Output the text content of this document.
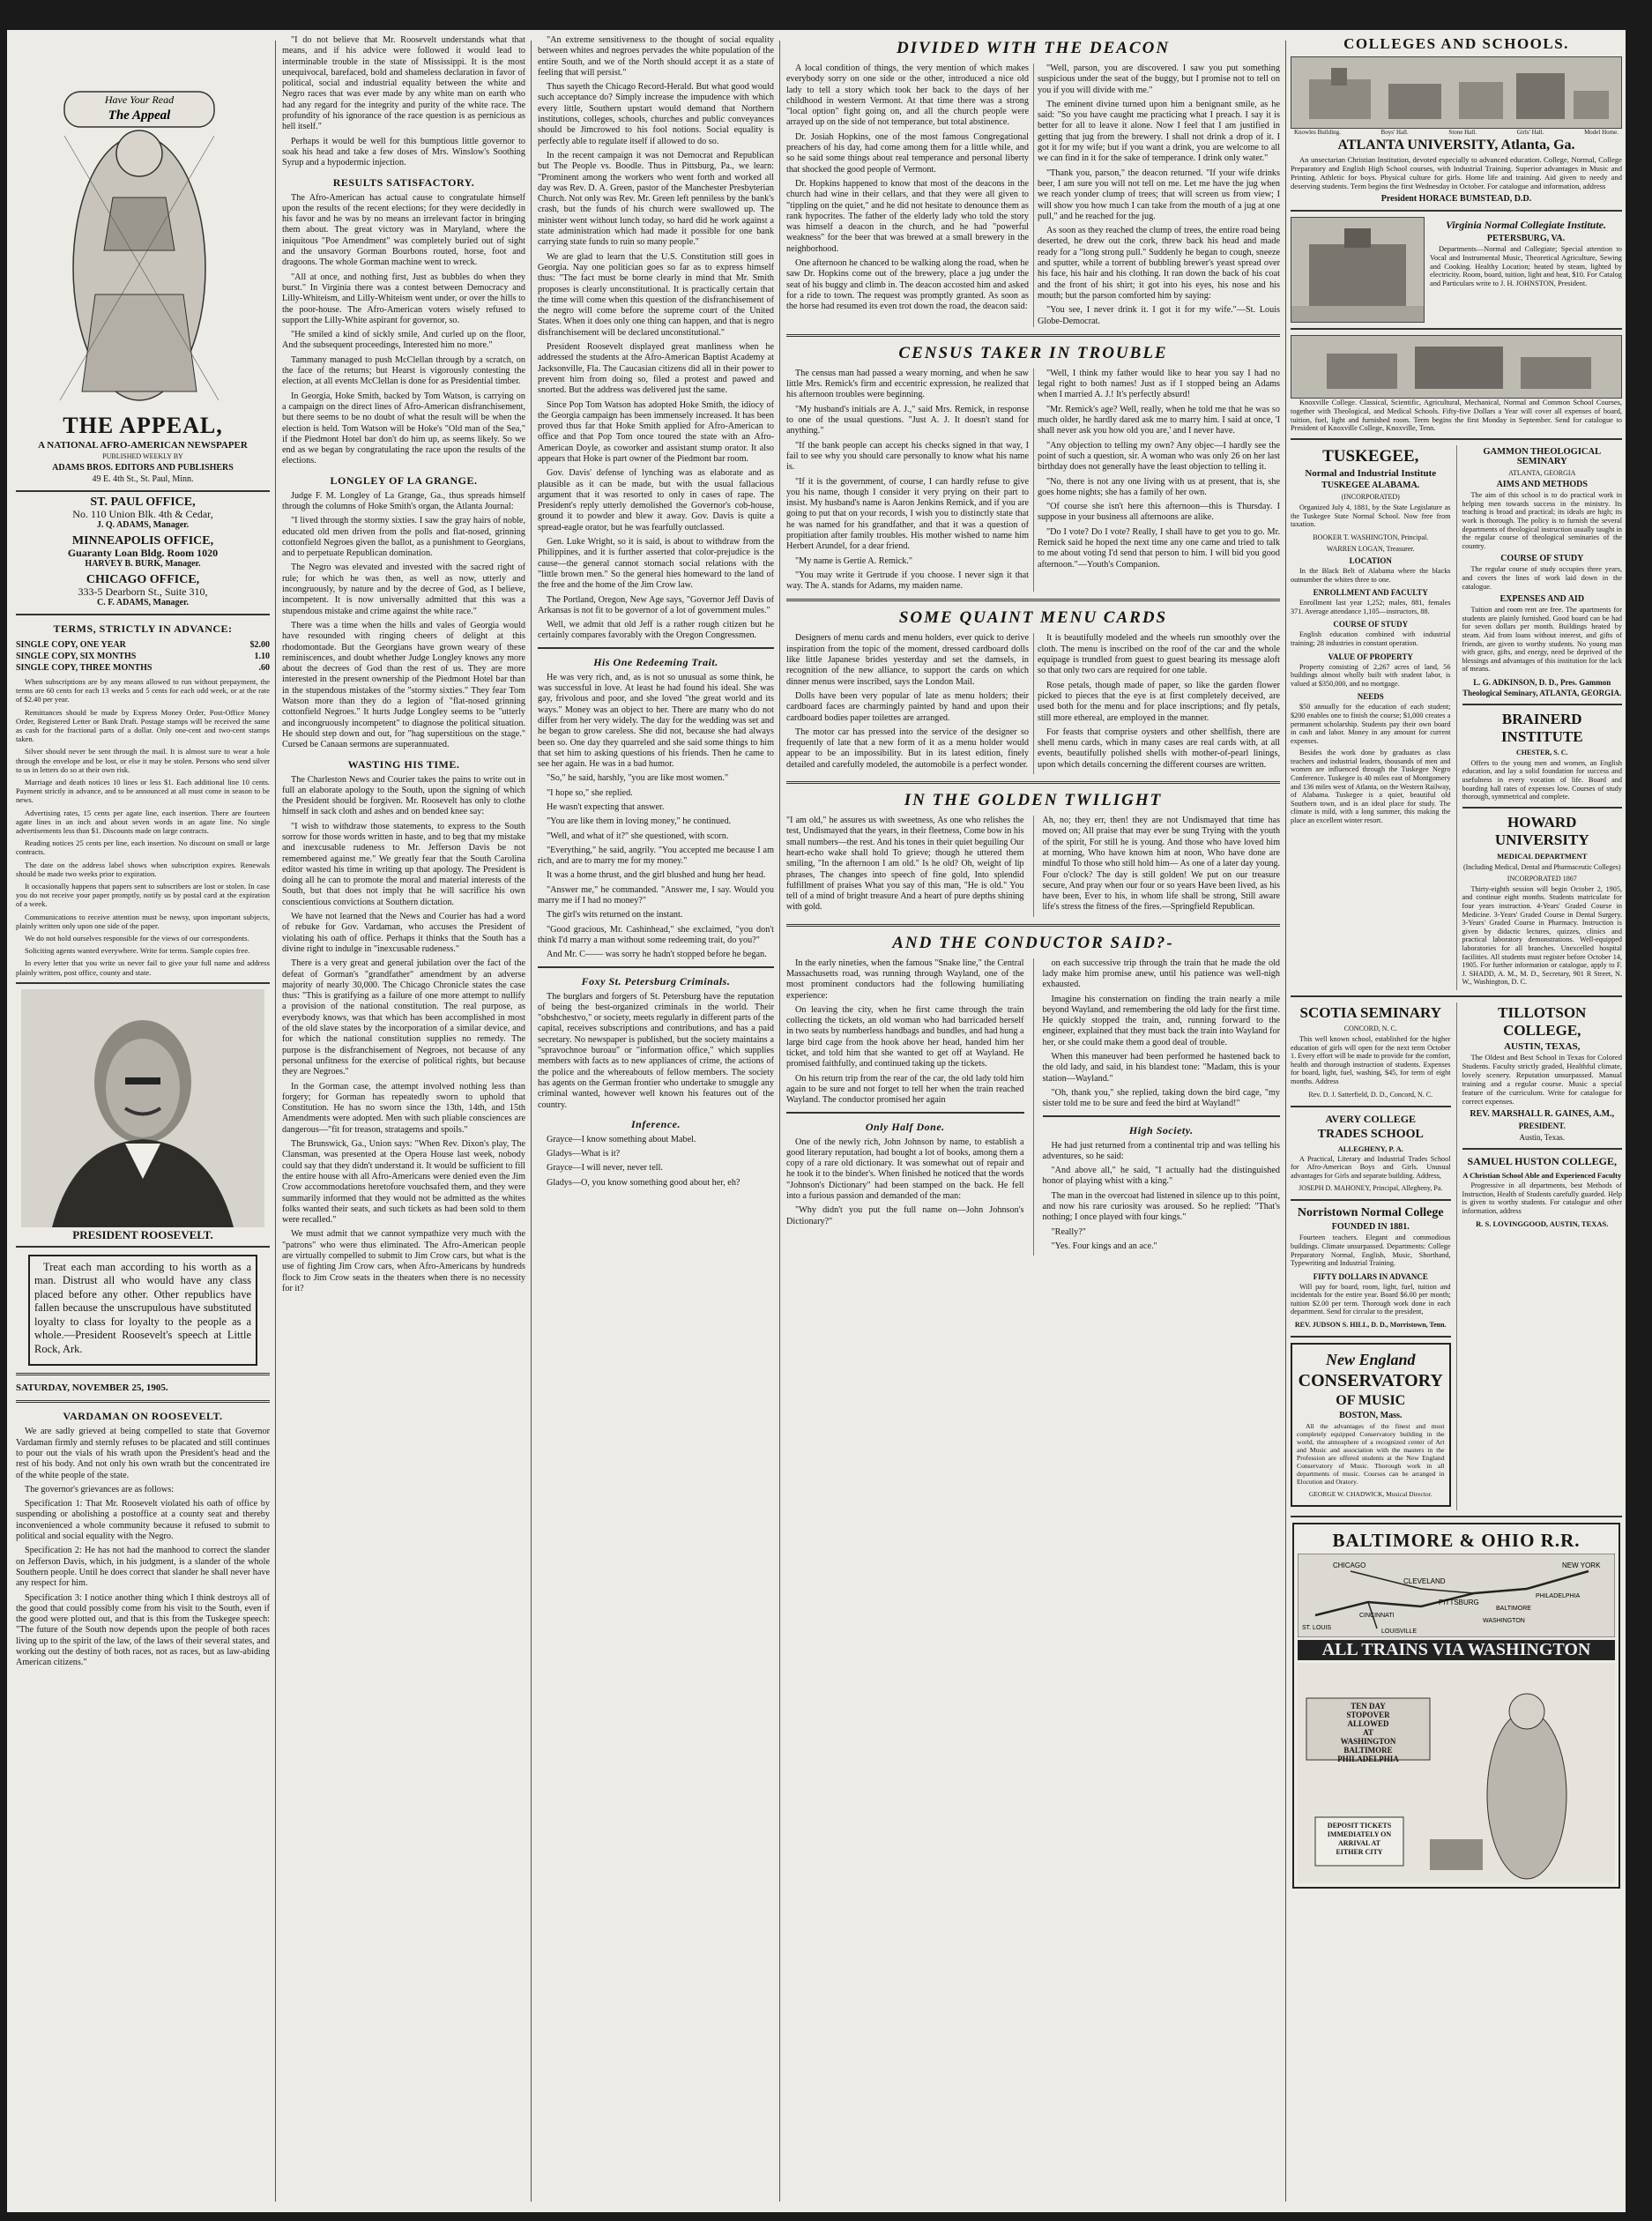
Have Your Read
The Appeal
THE APPEAL,
A NATIONAL AFRO-AMERICAN NEWSPAPER
PUBLISHED WEEKLY BY
ADAMS BROS. EDITORS AND PUBLISHERS
49 E. 4th St., St. Paul, Minn.
ST. PAUL OFFICE,
No. 110 Union Blk. 4th & Cedar,
J. Q. ADAMS, Manager.
MINNEAPOLIS OFFICE,
Guaranty Loan Bldg. Room 1020
HARVEY B. BURK, Manager.
CHICAGO OFFICE,
333-5 Dearborn St., Suite 310,
C. F. ADAMS, Manager.
TERMS, STRICTLY IN ADVANCE:
SINGLE COPY, ONE YEAR	$2.00
SINGLE COPY, SIX MONTHS	1.10
SINGLE COPY, THREE MONTHS	.60

When subscriptions are by any means allowed to run without prepayment, the terms are 60 cents for each 13 weeks and 5 cents for each odd week, or at the rate of $2.40 per year.

Remittances should be made by Express Money Order, Post-Office Money Order, Registered Letter or Bank Draft. Postage stamps will be received the same as cash for the fractional parts of a dollar. Only one-cent and two-cent stamps taken.

Silver should never be sent through the mail. It is almost sure to wear a hole through the envelope and be lost, or else it may be stolen. Persons who send silver to us in letters do so at their own risk.

Marriage and death notices 10 lines or less $1. Each additional line 10 cents. Payment strictly in advance, and to be announced at all must come in season to be news.

Advertising rates, 15 cents per agate line, each insertion. There are fourteen agate lines in an inch and about seven words in an agate line. No single advertisements less than $1. Discounts made on large contracts.

Reading notices 25 cents per line, each insertion. No discount on small or large contracts.

The date on the address label shows when subscription expires. Renewals should be made two weeks prior to expiration.

It occasionally happens that papers sent to subscribers are lost or stolen. In case you do not receive your paper promptly, notify us by postal card at the expiration of a week.

Communications to receive attention must be newsy, upon important subjects, plainly written only upon one side of the paper.

We do not hold ourselves responsible for the views of our correspondents.

Soliciting agents wanted everywhere. Write for terms. Sample copies free.

In every letter that you write us never fail to give your full name and address plainly written, post office, county and state.

PRESIDENT ROOSEVELT.

Treat each man according to his worth as a man. Distrust all who would have any class placed before any other. Other republics have fallen because the unscrupulous have substituted loyalty to class for loyalty to the people as a whole.—President Roosevelt's speech at Little Rock, Ark.

SATURDAY, NOVEMBER 25, 1905.
VARDAMAN ON ROOSEVELT.

We are sadly grieved at being compelled to state that Governor Vardaman firmly and sternly refuses to be placated and still continues to pour out the vials of his wrath upon the President's head and the rest of his body. And not only his own wrath but the concentrated ire of the white people of the state.

The governor's grievances are as follows:

Specification 1: That Mr. Roosevelt violated his oath of office by suspending or abolishing a postoffice at a county seat and thereby inconvenienced a whole community because it refused to submit to political and social equality with the Negro.

Specification 2: He has not had the manhood to correct the slander on Jefferson Davis, which, in his judgment, is a slander of the whole Southern people. Until he does correct that slander he shall never have any respect for him.

Specification 3: I notice another thing which I think destroys all of the good that could possibly come from his visit to the South, even if the good were plotted out, and that is this from the Tuskegee speech: "The future of the South now depends upon the people of both races living up to the spirit of the law, of the laws of their several states, and working out the destiny of both races, not as races, but as law-abiding American citizens."

"I do not believe that Mr. Roosevelt understands what that means, and if his advice were followed it would lead to interminable trouble in the state of Mississippi. It is the most unequivocal, barefaced, bold and shameless declaration in favor of political, social and industrial equality between the white and Negro races that was ever made by any white man on earth who had any regard for the integrity and purity of the white race. The profundity of his ignorance of the race question is as pernicious as hell itself."

Perhaps it would be well for this bumptious little governor to soak his head and take a few doses of Mrs. Winslow's Soothing Syrup and a hypodermic injection.

RESULTS SATISFACTORY.

The Afro-American has actual cause to congratulate himself upon the results of the recent elections; for they were decidedly in his favor and he was by no means an irrelevant factor in bringing them about. The great victory was in Maryland, where the iniquitous "Poe Amendment" was completely buried out of sight and the unsavory Gorman Bourbons routed, horse, foot and dragoons. The whole Gorman machine went to wreck.

"All at once, and nothing first, Just as bubbles do when they burst." In Virginia there was a contest between Democracy and Lilly-Whiteism, and Lilly-Whiteism went under, or over the hills to the poor-house. The Afro-American voters wisely refused to support the Lilly-White aspirant for governor, so.

"He smiled a kind of sickly smile, And curled up on the floor, And the subsequent proceedings, Interested him no more."

Tammany managed to push McClellan through by a scratch, on the face of the returns; but Hearst is vigorously contesting the election, at all events McClellan is done for as Presidential timber.

In Georgia, Hoke Smith, backed by Tom Watson, is carrying on a campaign on the direct lines of Afro-American disfranchisement, but there seems to be no doubt of what the result will be when the election is held. Tom Watson will be Hoke's "Old man of the Sea," if the Piedmont Hotel bar don't do him up, as seems likely. So we end as we began by congratulating the race upon the results of the elections.

LONGLEY OF LA GRANGE.

Judge F. M. Longley of La Grange, Ga., thus spreads himself through the columns of Hoke Smith's organ, the Atlanta Journal:

"I lived through the stormy sixties. I saw the gray hairs of noble, educated old men driven from the polls and flat-nosed, grinning cottonfield Negroes given the ballot, as a punishment to Georgians, and to perpetuate Republican domination.

The Negro was elevated and invested with the sacred right of rule; for which he was then, as well as now, utterly and incongruously, by nature and by the decree of God, as I believe, incompetent. It is now universally admitted that this was a stupendous mistake and crime against the white race."

There was a time when the hills and vales of Georgia would have resounded with ringing cheers of delight at this rhodomontade. But the Georgians have grown weary of these reminiscences, and doubt whether Judge Longley knows any more about the decrees of God than the rest of us. They are more interested in the present ownership of the Piedmont Hotel bar than in the stupendous mistakes of the "stormy sixties." They fear Tom Watson more than they do a legion of "flat-nosed grinning cottonfield Negroes." It hurts Judge Longley seems to be "utterly and incongruously incompetent" to diagnose the political situation. He should step down and out, for "hag superstitious on the stage." Cursed be Canaan sermons are superannuated.

WASTING HIS TIME.

The Charleston News and Courier takes the pains to write out in full an elaborate apology to the South, upon the signing of which the President should be forgiven. Mr. Roosevelt has only to clothe himself in sack cloth and ashes and on bended knee say:

"I wish to withdraw those statements, to express to the South sorrow for those words written in haste, and to beg that my mistake and inexcusable rudeness to Mr. Jefferson Davis be not remembered against me." We greatly fear that the South Carolina editor wasted his time in writing up that apology. The President is doing all he can to promote the moral and material interests of the South, but that does not imply that he will sacrifice his own conscientious convictions at Southern dictation.

We have not learned that the News and Courier has had a word of rebuke for Gov. Vardaman, who accuses the President of violating his oath of office. Perhaps it thinks that the South has a divine right to indulge in "inexcusable rudeness."

There is a very great and general jubilation over the fact of the defeat of Gorman's "grandfather" amendment by an adverse majority of nearly 30,000. The Chicago Chronicle states the case thus: "This is gratifying as a failure of one more attempt to nullify a provision of the national constitution. The real purpose, as everybody knows, was that which has been accomplished in most of the old slave states by the incorporation of a similar device, and for which the national constitution supplies no remedy. The purpose is the disfranchisement of Negroes, not because of any personal unfitness for the exercise of political rights, but because they are Negroes."

In the Gorman case, the attempt involved nothing less than forgery; for Gorman has repeatedly sworn to uphold that Constitution. He has no sworn since the 13th, 14th, and 15th Amendments were adopted. Men with such pliable consciences are dangerous—"fit for treason, stratagems and spoils."

The Brunswick, Ga., Union says: "When Rev. Dixon's play, The Clansman, was presented at the Opera House last week, nobody could say that they didn't understand it. It would be sufficient to fill the entire house with all Afro-Americans were denied even the Jim Crow accommodations heretofore vouchsafed them, and they were summarily informed that they would not be admitted as the whites folks wanted their seats, and such tickets as had been sold to them were recalled."

We must admit that we cannot sympathize very much with the "patrons" who were thus eliminated. The Afro-American people are virtually compelled to submit to Jim Crow cars, but what is the use of fighting Jim Crow cars, when Afro-Americans by hundreds flock to Jim Crow seats in the theaters when there is no necessity for it?

"An extreme sensitiveness to the thought of social equality between whites and negroes pervades the white population of the entire South, and we of the North should accept it as a state of feeling that will persist."

Thus sayeth the Chicago Record-Herald. But what good would such acceptance do? Simply increase the impudence with which every little, Southern upstart would demand that Northern institutions, colleges, schools, churches and public conveyances should be Jimcrowed to his fool notions. Social equality is perfectly able to regulate itself if allowed to do so.

In the recent campaign it was not Democrat and Republican but The People vs. Boodle. Thus in Pittsburg, Pa., we learn: "Prominent among the workers who went forth and worked all day was Rev. D. A. Green, pastor of the Manchester Presbyterian Church. Not only was Rev. Mr. Green left penniless by the bank's crash, but the funds of his church were swallowed up. The minister went without lunch today, so hard did he work against a state administration which had made it possible for one bank carrying state funds to ruin so many people."

We are glad to learn that the U.S. Constitution still goes in Georgia. Nay one politician goes so far as to express himself thus: "The fact must be borne clearly in mind that Mr. Smith proposes is clearly unconstitutional. It is practically certain that the time will come when this question of the disfranchisement of the negro will come before the supreme court of the United States. When it does only one thing can happen, and that is negro disfranchisement will be declared unconstitutional."

President Roosevelt displayed great manliness when he addressed the students at the Afro-American Baptist Academy at Jacksonville, Fla. The Caucasian citizens did all in their power to prevent him from doing so, filed a protest and pawed and snorted. But the address was delivered just the same.

Since Pop Tom Watson has adopted Hoke Smith, the idiocy of the Georgia campaign has been immensely increased. It has been proved thus far that Hoke Smith applied for Afro-American to office and that Pop Tom once toured the state with an Afro-American Doyle, as coworker and assistant stump orator. It also appears that Hoke is part owner of the Piedmont bar room.

Gov. Davis' defense of lynching was as elaborate and as plausible as it can be made, but with the usual fallacious argument that it was resorted to only in cases of rape. The President's reply utterly demolished the Governor's cob-house, ground it to powder and blew it away. Gov. Davis is quite a spread-eagle orator, but he was fearfully outclassed.

Gen. Luke Wright, so it is said, is about to withdraw from the Philippines, and it is further asserted that color-prejudice is the cause—the general cannot stomach social relations with the "little brown men." So the general hies homeward to the land of the free and the home of the Jim Crow law.

The Portland, Oregon, New Age says, "Governor Jeff Davis of Arkansas is not fit to be governor of a lot of government mules."

Well, we admit that old Jeff is a rather rough citizen but he certainly compares favorably with the Oregon Congressmen.

His One Redeeming Trait.

He was very rich, and, as is not so unusual as some think, he was successful in love. At least he had found his ideal. She was gay, frivolous and poor, and she loved "the great world and its ways." Money was an object to her. There are many who do not differ from her very widely. The day for the wedding was set and he began to grow careless. She did not, because she had always been so. One day they quarreled and she said some things to him that set him to asking questions of his friends. Then he came to see her again. He was in a bad humor.

"So," he said, harshly, "you are like most women."

"I hope so," she replied.

He wasn't expecting that answer.

"You are like them in loving money," he continued.

"Well, and what of it?" she questioned, with scorn.

"Everything," he said, angrily. "You accepted me because I am rich, and are to marry me for my money."

It was a home thrust, and the girl blushed and hung her head.

"Answer me," he commanded. "Answer me, I say. Would you marry me if I had no money?"

The girl's wits returned on the instant.

"Good gracious, Mr. Cashinhead," she exclaimed, "you don't think I'd marry a man without some redeeming trait, do you?"

And Mr. C—— was sorry he hadn't stopped before he began.

Foxy St. Petersburg Criminals.

The burglars and forgers of St. Petersburg have the reputation of being the best-organized criminals in the world. Their "obshchestvo," or society, meets regularly in different parts of the capital, receives subscriptions and contributions, and has a paid secretary. No newspaper is published, but the society maintains a "spravochnoe buroau" or "information office," which supplies members with facts as to new appliances of crime, the actions of the police and the whereabouts of fellow members. The society has agents on the German frontier who undertake to smuggle any criminal wanted, however well known his features out of the country.

Inference.

Grayce—I know something about Mabel.

Gladys—What is it?

Grayce—I will never, never tell.

Gladys—O, you know something good about her, eh?

DIVIDED WITH THE DEACON

A local condition of things, the very mention of which makes everybody sorry on one side or the other, introduced a nice old lady to tell a story which took her back to the days of her childhood in western Vermont. At that time there was a strong "local option" fight going on, and all the church people were arrayed up on the side of not temperance, but total abstinence.

Dr. Josiah Hopkins, one of the most famous Congregational preachers of his day, had come among them for a little while, and so he said some things about real temperance and personal liberty that shocked the good people of Vermont.

Dr. Hopkins happened to know that most of the deacons in the church had wine in their cellars, and that they were all given to "tippling on the quiet," and he did not hesitate to denounce them as rank hypocrites. The father of the elderly lady who told the story was himself a deacon in the church, and he had "powerful weakness" for the beer that was brewed at a small brewery in the neighborhood.

One afternoon he chanced to be walking along the road, when he saw Dr. Hopkins come out of the brewery, place a jug under the seat of his buggy and climb in. The deacon accosted him and asked for a ride to town. The request was promptly granted. As soon as the horse had resumed its even trot down the road, the deacon said:

"Well, parson, you are discovered. I saw you put something suspicious under the seat of the buggy, but I promise not to tell on you if you will divide with me."

The eminent divine turned upon him a benignant smile, as he said: "So you have caught me practicing what I preach. I say it is better for all to leave it alone. Now I feel that I am justified in getting that jug from the brewery. I shall not drink a drop of it. I got it for my wife; but if you want a drink, you are welcome to all we can find in it for the sake of temperance. I drink only water."

"Thank you, parson," the deacon returned. "If your wife drinks beer, I am sure you will not tell on me. Let me have the jug when we reach yonder clump of trees; that will screen us from view; I will show you how much I can take from the mouth of a jug at one pull," and he reached for the jug.

As soon as they reached the clump of trees, the entire road being deserted, he drew out the cork, threw back his head and made ready for a "long strong pull." Suddenly he began to cough, sneeze and sputter, while a torrent of bubbling brewer's yeast spread over his face, his hair and his clothing. It ran down the back of his coat and the front of his shirt; it got into his eyes, his nose and his mouth; but the parson comforted him by saying:

"You see, I never drink it. I got it for my wife."—St. Louis Globe-Democrat.

CENSUS TAKER IN TROUBLE

The census man had passed a weary morning, and when he saw little Mrs. Remick's firm and eccentric expression, he realized that his afternoon troubles were beginning.

"My husband's initials are A. J.," said Mrs. Remick, in response to one of the usual questions. "Just A. J. It doesn't stand for anything."

"If the bank people can accept his checks signed in that way, I fail to see why you should care personally to know what his name is.

"If it is the government, of course, I can hardly refuse to give you his name, though I consider it very prying on their part to insist. My husband's name is Aaron Jenkins Remick, and if you are going to put that on your records, I wish you to distinctly state that he was named for his grandfather, and that it was a question of propitiation after family troubles. His mother wished to name him Herbert Arundel, for a dear friend.

"My name is Gertie A. Remick."

"You may write it Gertrude if you choose. I never sign it that way. The A. stands for Adams, my maiden name.

"Well, I think my father would like to hear you say I had no legal right to both names! Just as if I stopped being an Adams when I married A. J.! It's perfectly absurd!

"Mr. Remick's age? Well, really, when he told me that he was so much older, he hardly dared ask me to marry him. I said at once, 'I shall never ask you how old you are,' and I never have.

"Any objection to telling my own? Any objec—I hardly see the point of such a question, sir. A woman who was only 26 on her last birthday does not generally have the least objection to telling it.

"No, there is not any one living with us at present, that is, she goes home nights; she has a family of her own.

"Of course she isn't here this afternoon—this is Thursday. I suppose in your business all afternoons are alike.

"Do I vote? Do I vote? Really, I shall have to get you to go. Mr. Remick said he hoped the next time any one came and tried to talk to me about voting I'd send that person to him. I will bid you good afternoon."—Youth's Companion.

SOME QUAINT MENU CARDS

Designers of menu cards and menu holders, ever quick to derive inspiration from the topic of the moment, dressed cardboard dolls like little Japanese brides yesterday and set the damsels, in recognition of the new alliance, to support the cards on which dinner menus were inscribed, says the London Mail.

Dolls have been very popular of late as menu holders; their cardboard faces are charmingly painted by hand and upon their cardboard bodies paper toilettes are arranged.

The motor car has pressed into the service of the designer so frequently of late that a new form of it as a menu holder would appear to be an impossibility. But in its latest edition, finely detailed and carefully modeled, the automobile is a perfect wonder.

It is beautifully modeled and the wheels run smoothly over the cloth. The menu is inscribed on the roof of the car and the whole equipage is trundled from guest to guest bearing its message aloft so that only two cars are required for one table.

Rose petals, though made of paper, so like the garden flower picked to pieces that the eye is at first completely deceived, are used both for the menu and for place inscriptions; and fly petals, still more ethereal, are employed in the manner.

For feasts that comprise oysters and other shellfish, there are shell menu cards, which in many cases are real cards with, at all events, beautifully polished shells with mother-of-pearl linings, upon which details concerning the different courses are written.

IN THE GOLDEN TWILIGHT

"I am old," he assures us with sweetness, As one who relishes the test, Undismayed that the years, in their fleetness, Come bow in his small numbers—the rest. And his tones in their quiet beguiling Our heart-echo wake shall hold To grieve; though he uttered them smiling, "In the afternoon I am old." Is he old? Oh, weight of lip phrases, The changes into speech of fine gold, Into splendid fulfillment of praises What you say of this man, "He is old." You tell of a mind of bright treasure And a heart of pure depths shining with gold.

Ah, no; they err, then! they are not Undismayed that time has moved on; All praise that may ever be sung Trying with the youth of the spirit, For still he is young. And those who have loved him at morning, Who have known him at noon, Who have done are mindful To those who still hold him— As one of a later day young. Four o'clock? The day is still golden! We put on our treasure secure, And pray when our four or so years Have been lived, as his have been, Ever to his, in whom life shall be strong, Still aware life's stress the fitness of the fires.—Springfield Republican.

AND THE CONDUCTOR SAID?-

In the early nineties, when the famous "Snake line," the Central Massachusetts road, was running through Wayland, one of the most prominent conductors had the following humiliating experience:

On leaving the city, when he first came through the train collecting the tickets, an old woman who had barricaded herself in two seats by numberless handbags and bundles, and had hung a large bird cage from the hook above her head, handed him her ticket, and told him that she wanted to get off at Wayland. He promised faithfully, and continued taking up the tickets.

On his return trip from the rear of the car, the old lady told him again to be sure and not forget to tell her when the train reached Wayland. The conductor promised her again

Only Half Done.

One of the newly rich, John Johnson by name, to establish a good literary reputation, had bought a lot of books, among them a copy of a rare old dictionary. It was somewhat out of repair and he took it to the binder's. When finished he noticed that the words "Johnson's Dictionary" had been stamped on the back. He fell into a furious passion and demanded of the man:

"Why didn't you put the full name on—John Johnson's Dictionary?"

on each successive trip through the train that he made the old lady make him promise anew, until his patience was well-nigh exhausted.

Imagine his consternation on finding the train nearly a mile beyond Wayland, and remembering the old lady for the first time. He quickly stopped the train, and, running forward to the engineer, explained that they must back the train into Wayland for her, or she could make them a good deal of trouble.

When this maneuver had been performed he hastened back to the old lady, and said, in his blandest tone: "Madam, this is your station—Wayland."

"Oh, thank you," she replied, taking down the bird cage, "my sister told me to be sure and feed the bird at Wayland!"

High Society.

He had just returned from a continental trip and was telling his adventures, so he said:

"And above all," he said, "I actually had the distinguished honor of playing whist with a king."

The man in the overcoat had listened in silence up to this point, and now his rare curiosity was aroused. So he replied: "That's nothing; I once played with four kings."

"Really?"

"Yes. Four kings and an ace."

COLLEGES AND SCHOOLS.
Knowles Building.	Boys' Hall.	Stone Hall.	Girls' Hall.	Model Home.
ATLANTA UNIVERSITY, Atlanta, Ga.

An unsectarian Christian Institution, devoted especially to advanced education. College, Normal, College Preparatory and English High School courses, with Industrial Training. Superior advantages in Music and Printing. Athletic for boys. Physical culture for girls. Home life and training. Aid given to needy and deserving students. Term begins the first Wednesday in October. For catalogue and information, address

President HORACE BUMSTEAD, D.D.
Virginia Normal Collegiate Institute.
PETERSBURG, VA.

Departments—Normal and Collegiate; Special attention to Vocal and Instrumental Music, Theoretical Agriculture, Sewing and Cooking. Healthy Location; heated by steam, lighted by electricity. Room, board, tuition, light and heat, $10. For Catalog and Particulars write to J. H. JOHNSTON, President.

Knoxville College. Classical, Scientific, Agricultural, Mechanical, Normal and Common School Courses, together with Theological, and Medical Schools. Fifty-five Dollars a Year will cover all expenses of board, tuition, fuel, light and furnished room. Term begins the first Monday in September. Send for catalogue to President of Knoxville College, Knoxville, Tenn.

TUSKEGEE,
Normal and Industrial Institute
TUSKEGEE ALABAMA.
(INCORPORATED)

Organized July 4, 1881, by the State Legislature as the Tuskegee State Normal School. Now free from taxation.

BOOKER T. WASHINGTON, Principal.
WARREN LOGAN, Treasurer.
LOCATION

In the Black Belt of Alabama where the blacks outnumber the whites three to one.

ENROLLMENT AND FACULTY

Enrollment last year 1,252; males, 881, females 371. Average attendance 1,105—instructors, 88.

COURSE OF STUDY

English education combined with industrial training; 28 industries in constant operation.

VALUE OF PROPERTY

Property consisting of 2,267 acres of land, 56 buildings almost wholly built with student labor, is valued at $350,000, and no mortgage.

NEEDS

$50 annually for the education of each student; $200 enables one to finish the course; $1,000 creates a permanent scholarship. Students pay their own board in cash and labor. Money in any amount for current expenses.

Besides the work done by graduates as class teachers and industrial leaders, thousands of men and women are influenced through the Tuskegee Negro Conference. Tuskegee is 40 miles east of Montgomery and 136 miles west of Atlanta, on the Western Railway, of Alabama. Tuskegee is a quiet, beautiful old Southern town, and is an ideal place for study. The climate is mild, with a long summer, this making the place an excellent winter resort.

GAMMON THEOLOGICAL SEMINARY
ATLANTA, GEORGIA
AIMS AND METHODS

The aim of this school is to do practical work in helping men towards success in the ministry. Its teaching is broad and practical; its ideals are high; its work is thorough. The policy is to furnish the several departments of theological instruction usually taught in the regular course of theological seminaries of the country.

COURSE OF STUDY

The regular course of study occupies three years, and covers the lines of work laid down in the catalogue.

EXPENSES AND AID

Tuition and room rent are free. The apartments for students are plainly furnished. Good board can be had for seven dollars per month. Buildings heated by steam. Aid from loans without interest, and gifts of friends, are given to worthy students. No young man with grace, gifts, and energy, need be deprived of the blessings and advantages of this institution for the lack of means.

L. G. ADKINSON, D. D., Pres. Gammon Theological Seminary, ATLANTA, GEORGIA.
BRAINERD INSTITUTE
CHESTER, S. C.

Offers to the young men and women, an English education, and lay a solid foundation for success and usefulness in every vocation of life. Board and boarding hall rates of expenses low. Courses of study thorough, symmetrical and complete.

HOWARD UNIVERSITY
MEDICAL DEPARTMENT
(Including Medical, Dental and Pharmaceutic Colleges)
INCORPORATED 1867

Thirty-eighth session will begin October 2, 1905, and continue eight months. Students matriculate for four years instruction. 4-Years' Graded Course in Medicine. 3-Years' Graded Course in Dental Surgery. 3-Years' Graded Course in Pharmacy. Instruction is given by didactic lectures, quizzes, clinics and practical laboratory demonstrations. Well-equipped laboratories for all branches. Unexcelled hospital facilities. All students must register before October 14, 1905. For further information or catalogue, apply to F. J. SHADD, A. M., M. D., Secretary, 901 R Street, N. W., Washington, D. C.

SCOTIA SEMINARY
CONCORD, N. C.

This well known school, established for the higher education of girls will open for the next term October 1. Every effort will be made to provide for the comfort, health and thorough instruction of students. Expenses for board, light, fuel, washing, $45, for term of eight months. Address

Rev. D. J. Satterfield, D. D., Concord, N. C.
AVERY COLLEGE
TRADES SCHOOL
ALLEGHENY, P. A.

A Practical, Literary and Industrial Trades School for Afro-American Boys and Girls. Unusual advantages for Girls and separate building. Address,

JOSEPH D. MAHONEY, Principal, Allegheny, Pa.
Norristown Normal College
FOUNDED IN 1881.

Fourteen teachers. Elegant and commodious buildings. Climate unsurpassed. Departments: College Preparatory Normal, English, Music, Shorthand, Typewriting and Industrial Training.

FIFTY DOLLARS IN ADVANCE

Will pay for board, room, light, fuel, tuition and incidentals for the entire year. Board $6.00 per month; tuition $2.00 per term. Thorough work done in each department. Send for circular to the president,

REV. JUDSON S. HILL, D. D., Morristown, Tenn.
New England
CONSERVATORY
OF MUSIC
BOSTON, Mass.

All the advantages of the finest and most completely equipped Conservatory building in the world, the atmosphere of a recognized center of Art and Music and association with the masters in the Profession are offered students at the New England Conservatory of Music. Thorough work in all departments of music. Courses can be arranged in Elocution and Oratory.

GEORGE W. CHADWICK, Musical Director.
TILLOTSON COLLEGE,
AUSTIN, TEXAS,

The Oldest and Best School in Texas for Colored Students. Faculty strictly graded, Healthful climate, lovely scenery. Reputation unsurpassed. Manual training and a regular course. Music a special feature of the curriculum. Write for catalogue for correct expenses.

REV. MARSHALL R. GAINES, A.M.,
PRESIDENT.
Austin, Texas.
SAMUEL HUSTON COLLEGE,
A Christian School Able and Experienced Faculty

Progressive in all departments, best Methods of Instruction, Health of Students carefully guarded. Help is given to worthy students. For catalogue and other information, address

R. S. LOVINGGOOD, AUSTIN, TEXAS.
BALTIMORE & OHIO R.R.
CHICAGO
CLEVELAND
PITTSBURG
NEW YORK
PHILADELPHIA
BALTIMORE
WASHINGTON
CINCINNATI
ST. LOUIS
LOUISVILLE
ALL TRAINS VIA WASHINGTON
TEN DAY
STOPOVER
ALLOWED
AT
WASHINGTON
BALTIMORE
PHILADELPHIA
DEPOSIT TICKETS
IMMEDIATELY ON
ARRIVAL AT
EITHER CITY
